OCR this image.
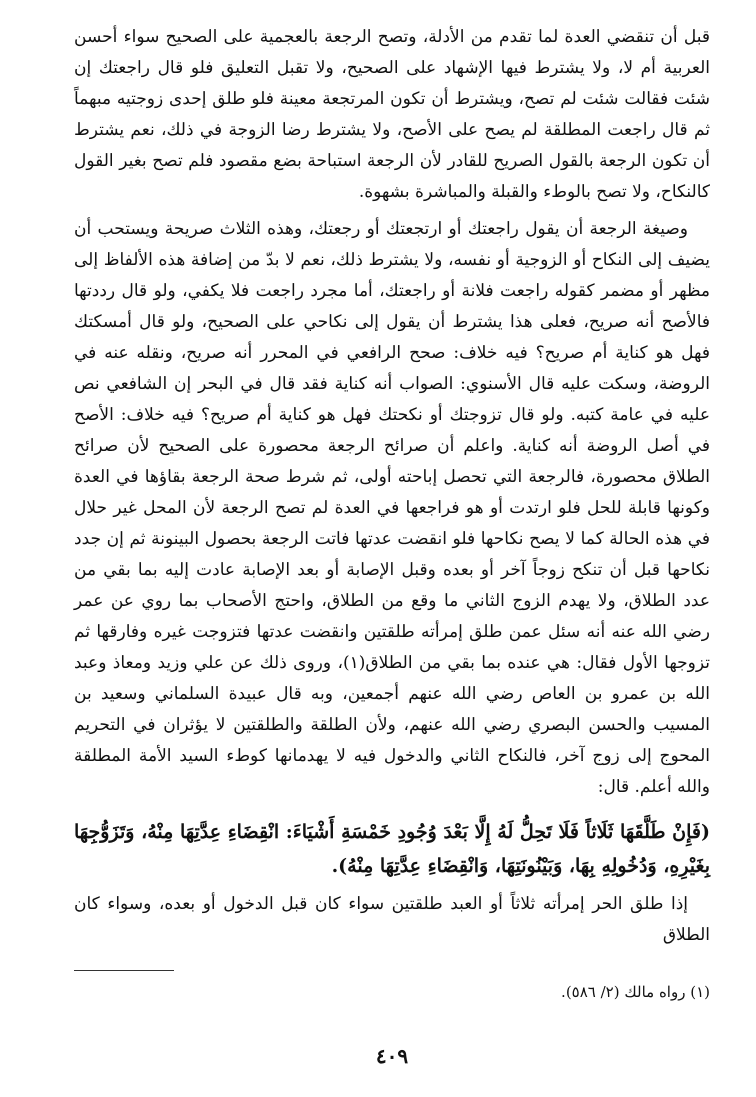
قبل أن تنقضي العدة لما تقدم من الأدلة، وتصح الرجعة بالعجمية على الصحيح سواء أحسن العربية أم لا، ولا يشترط فيها الإشهاد على الصحيح، ولا تقبل التعليق فلو قال راجعتك إن شئت فقالت شئت لم تصح، ويشترط أن تكون المرتجعة معينة فلو طلق إحدى زوجتيه مبهماً ثم قال راجعت المطلقة لم يصح على الأصح، ولا يشترط رضا الزوجة في ذلك، نعم يشترط أن تكون الرجعة بالقول الصريح للقادر لأن الرجعة استباحة بضع مقصود فلم تصح بغير القول كالنكاح، ولا تصح بالوطء والقبلة والمباشرة بشهوة.

وصيغة الرجعة أن يقول راجعتك أو ارتجعتك أو رجعتك، وهذه الثلاث صريحة ويستحب أن يضيف إلى النكاح أو الزوجية أو نفسه، ولا يشترط ذلك، نعم لا بدّ من إضافة هذه الألفاظ إلى مظهر أو مضمر كقوله راجعت فلانة أو راجعتك، أما مجرد راجعت فلا يكفي، ولو قال رددتها فالأصح أنه صريح، فعلى هذا يشترط أن يقول إلى نكاحي على الصحيح، ولو قال أمسكتك فهل هو كناية أم صريح؟ فيه خلاف: صحح الرافعي في المحرر أنه صريح، ونقله عنه في الروضة، وسكت عليه قال الأسنوي: الصواب أنه كناية فقد قال في البحر إن الشافعي نص عليه في عامة كتبه. ولو قال تزوجتك أو نكحتك فهل هو كناية أم صريح؟ فيه خلاف: الأصح في أصل الروضة أنه كناية. واعلم أن صرائح الرجعة محصورة على الصحيح لأن صرائح الطلاق محصورة، فالرجعة التي تحصل إباحته أولى، ثم شرط صحة الرجعة بقاؤها في العدة وكونها قابلة للحل فلو ارتدت أو هو فراجعها في العدة لم تصح الرجعة لأن المحل غير حلال في هذه الحالة كما لا يصح نكاحها فلو انقضت عدتها فاتت الرجعة بحصول البينونة ثم إن جدد نكاحها قبل أن تنكح زوجاً آخر أو بعده وقبل الإصابة أو بعد الإصابة عادت إليه بما بقي من عدد الطلاق، ولا يهدم الزوج الثاني ما وقع من الطلاق، واحتج الأصحاب بما روي عن عمر رضي الله عنه أنه سئل عمن طلق إمرأته طلقتين وانقضت عدتها فتزوجت غيره وفارقها ثم تزوجها الأول فقال: هي عنده بما بقي من الطلاق(١)، وروى ذلك عن علي وزيد ومعاذ وعبد الله بن عمرو بن العاص رضي الله عنهم أجمعين، وبه قال عبيدة السلماني وسعيد بن المسيب والحسن البصري رضي الله عنهم، ولأن الطلقة والطلقتين لا يؤثران في التحريم المحوج إلى زوج آخر، فالنكاح الثاني والدخول فيه لا يهدمانها كوطء السيد الأمة المطلقة والله أعلم. قال:

(فَإِنْ طَلَّقَهَا ثَلَاثاً فَلَا تَحِلُّ لَهُ إِلَّا بَعْدَ وُجُودِ خَمْسَةِ أَشْيَاءَ: انْقِضَاءِ عِدَّتِهَا مِنْهُ، وَتَزَوُّجِهَا بِغَيْرِهِ، وَدُخُولِهِ بِهَا، وَبَيْنُونَتِهَا، وَانْقِضَاءِ عِدَّتِهَا مِنْهُ).

إذا طلق الحر إمرأته ثلاثاً أو العبد طلقتين سواء كان قبل الدخول أو بعده، وسواء كان الطلاق

(١) رواه مالك (٢/ ٥٨٦).
٤٠٩
